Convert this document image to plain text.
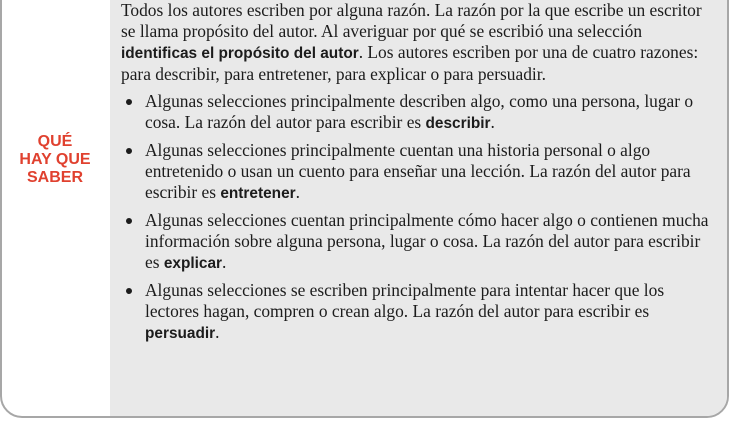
QUÉ
HAY QUE
SABER

Todos los autores escriben por alguna razón. La razón por la que escribe un escritor se llama propósito del autor. Al averiguar por qué se escribió una selección identificas el propósito del autor. Los autores escriben por una de cuatro razones: para describir, para entretener, para explicar o para persuadir.

Algunas selecciones principalmente describen algo, como una persona, lugar o cosa. La razón del autor para escribir es describir.
Algunas selecciones principalmente cuentan una historia personal o algo entretenido o usan un cuento para enseñar una lección. La razón del autor para escribir es entretener.
Algunas selecciones cuentan principalmente cómo hacer algo o contienen mucha información sobre alguna persona, lugar o cosa. La razón del autor para escribir es explicar.
Algunas selecciones se escriben principalmente para intentar hacer que los lectores hagan, compren o crean algo. La razón del autor para escribir es persuadir.
